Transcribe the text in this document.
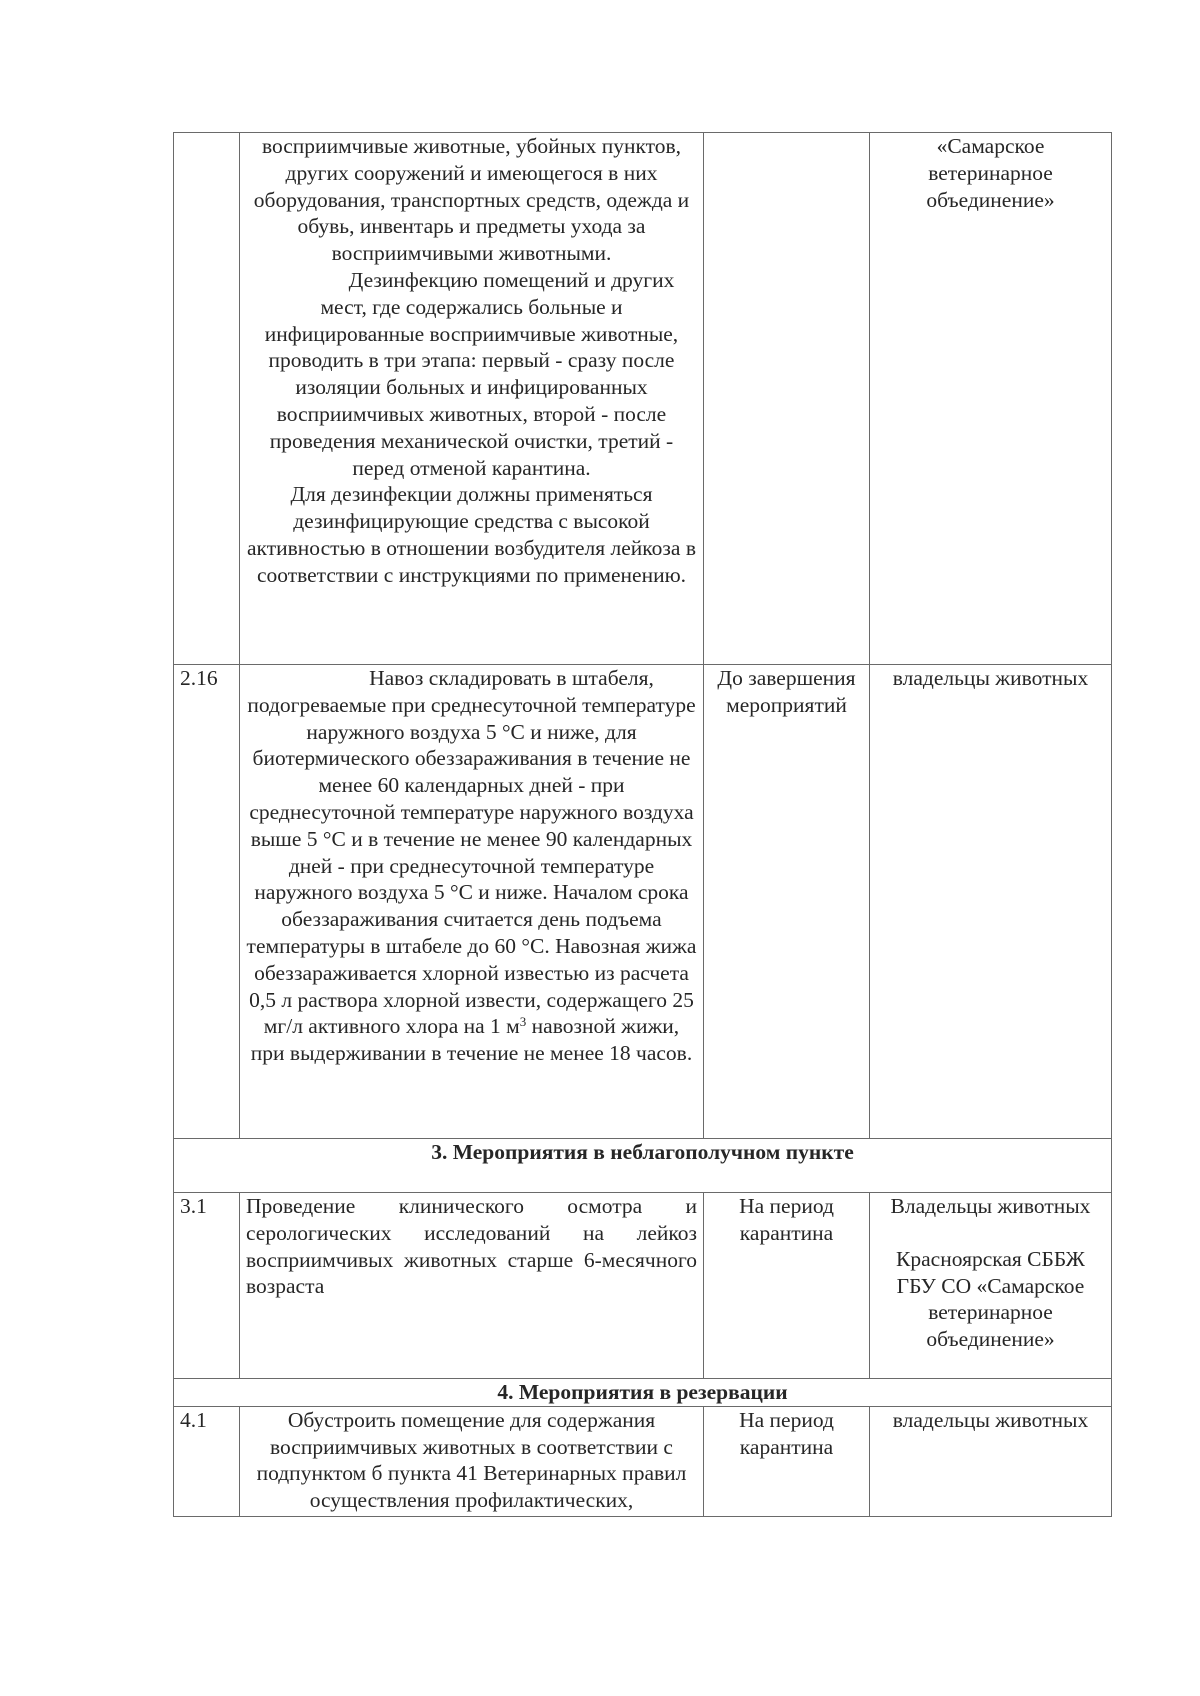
	восприимчивые животные, убойных пунктов, других сооружений и имеющегося в них оборудования, транспортных средств, одежда и обувь, инвентарь и предметы ухода за восприимчивыми животными.

Дезинфекцию помещений и других мест, где содержались больные и инфицированные восприимчивые животные, проводить в три этапа: первый - сразу после изоляции больных и инфицированных восприимчивых животных, второй - после проведения механической очистки, третий - перед отменой карантина.

Для дезинфекции должны применяться дезинфицирующие средства с высокой активностью в отношении возбудителя лейкоза в соответствии с инструкциями по применению.		«Самарское ветеринарное объединение»
2.16	Навоз складировать в штабеля, подогреваемые при среднесуточной температуре наружного воздуха 5 °С и ниже, для биотермического обеззараживания в течение не менее 60 календарных дней - при среднесуточной температуре наружного воздуха выше 5 °С и в течение не менее 90 календарных дней - при среднесуточной температуре наружного воздуха 5 °С и ниже. Началом срока обеззараживания считается день подъема температуры в штабеле до 60 °С. Навозная жижа обеззараживается хлорной известью из расчета 0,5 л раствора хлорной извести, содержащего 25 мг/л активного хлора на 1 $м^3$ навозной жижи, при выдерживании в течение не менее 18 часов.	До завершения мероприятий	владельцы животных
3. Мероприятия в неблагополучном пункте			
3.1	Проведение клинического осмотра и серологических исследований на лейкоз восприимчивых животных старше 6-месячного возраста	На период карантина	Владельцы животных
Красноярская СББЖ ГБУ СО «Самарское ветеринарное объединение»

4. Мероприятия в резервации			
4.1	Обустроить помещение для содержания восприимчивых животных в соответствии с подпунктом б пункта 41 Ветеринарных правил осуществления профилактических,	На период карантина	владельцы животных
